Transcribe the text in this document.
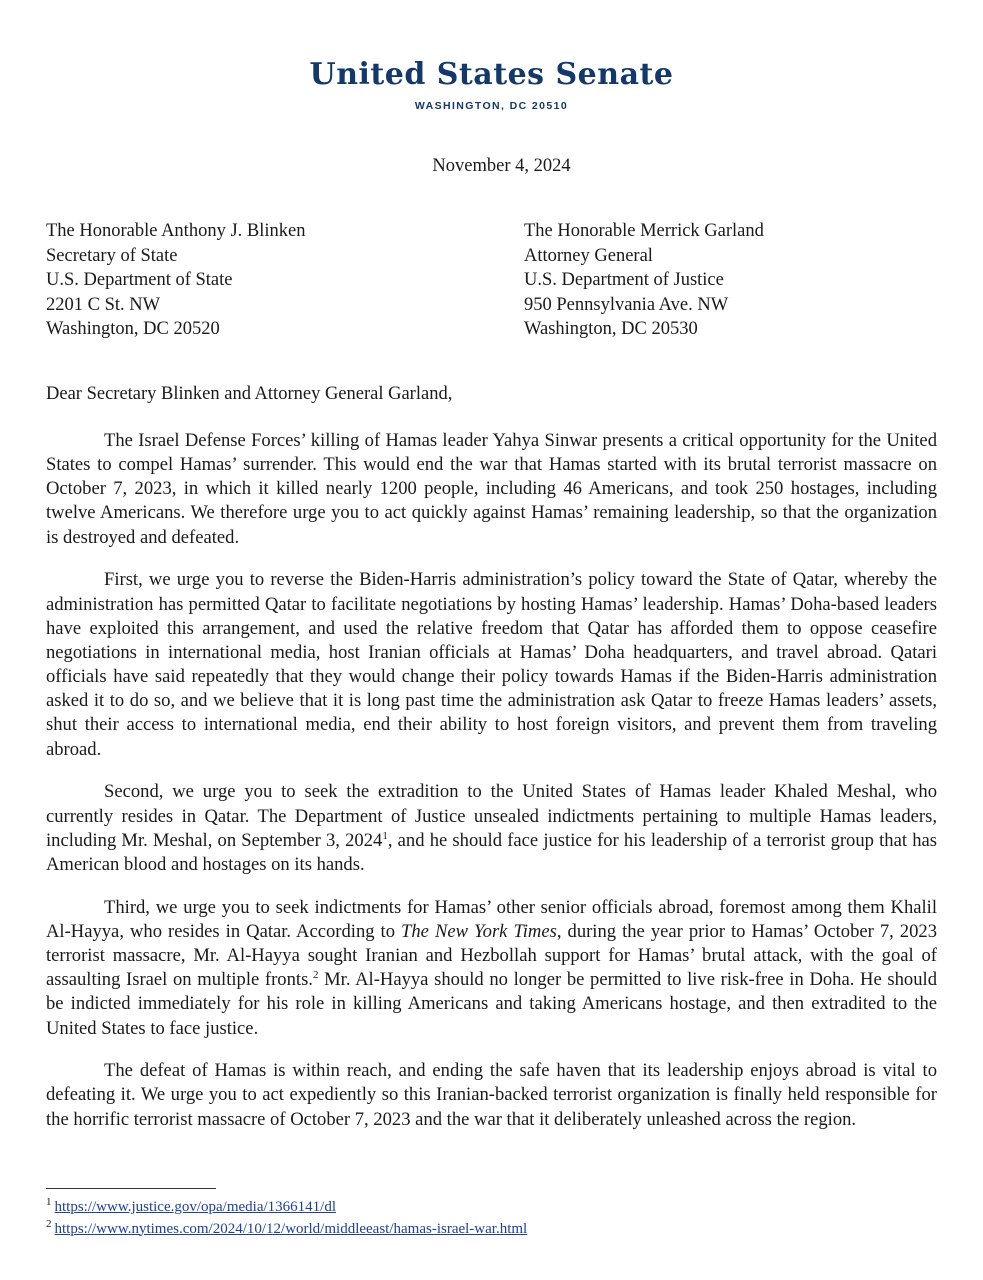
United States Senate
WASHINGTON, DC 20510
November 4, 2024
The Honorable Anthony J. Blinken
Secretary of State
U.S. Department of State
2201 C St. NW
Washington, DC 20520
The Honorable Merrick Garland
Attorney General
U.S. Department of Justice
950 Pennsylvania Ave. NW
Washington, DC 20530
Dear Secretary Blinken and Attorney General Garland,

The Israel Defense Forces’ killing of Hamas leader Yahya Sinwar presents a critical opportunity for the United States to compel Hamas’ surrender. This would end the war that Hamas started with its brutal terrorist massacre on October 7, 2023, in which it killed nearly 1200 people, including 46 Americans, and took 250 hostages, including twelve Americans. We therefore urge you to act quickly against Hamas’ remaining leadership, so that the organization is destroyed and defeated.

First, we urge you to reverse the Biden-Harris administration’s policy toward the State of Qatar, whereby the administration has permitted Qatar to facilitate negotiations by hosting Hamas’ leadership. Hamas’ Doha-based leaders have exploited this arrangement, and used the relative freedom that Qatar has afforded them to oppose ceasefire negotiations in international media, host Iranian officials at Hamas’ Doha headquarters, and travel abroad. Qatari officials have said repeatedly that they would change their policy towards Hamas if the Biden-Harris administration asked it to do so, and we believe that it is long past time the administration ask Qatar to freeze Hamas leaders’ assets, shut their access to international media, end their ability to host foreign visitors, and prevent them from traveling abroad.

Second, we urge you to seek the extradition to the United States of Hamas leader Khaled Meshal, who currently resides in Qatar. The Department of Justice unsealed indictments pertaining to multiple Hamas leaders, including Mr. Meshal, on September 3, 2024$^1$, and he should face justice for his leadership of a terrorist group that has American blood and hostages on its hands.

Third, we urge you to seek indictments for Hamas’ other senior officials abroad, foremost among them Khalil Al-Hayya, who resides in Qatar. According to The New York Times, during the year prior to Hamas’ October 7, 2023 terrorist massacre, Mr. Al-Hayya sought Iranian and Hezbollah support for Hamas’ brutal attack, with the goal of assaulting Israel on multiple fronts.$^2$ Mr. Al-Hayya should no longer be permitted to live risk-free in Doha. He should be indicted immediately for his role in killing Americans and taking Americans hostage, and then extradited to the United States to face justice.

The defeat of Hamas is within reach, and ending the safe haven that its leadership enjoys abroad is vital to defeating it. We urge you to act expediently so this Iranian-backed terrorist organization is finally held responsible for the horrific terrorist massacre of October 7, 2023 and the war that it deliberately unleashed across the region.

$^1$ https://www.justice.gov/opa/media/1366141/dl
$^2$ https://www.nytimes.com/2024/10/12/world/middleeast/hamas-israel-war.html
